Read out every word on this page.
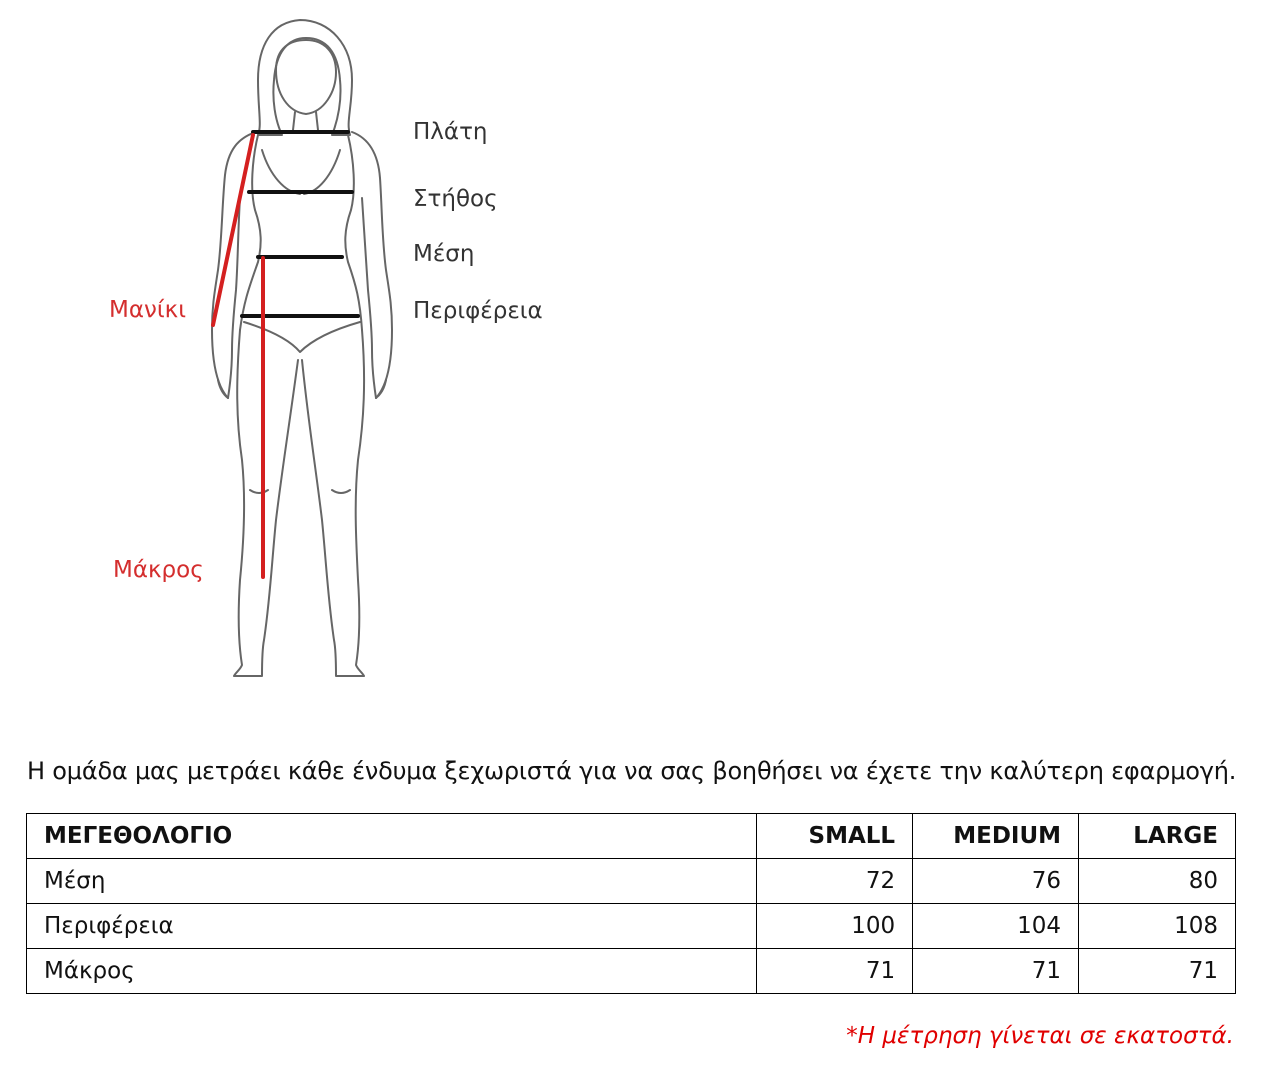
Πλάτη
Στήθος
Μέση
Περιφέρεια
Μανίκι
Μάκρος
Η ομάδα μας μετράει κάθε ένδυμα ξεχωριστά για να σας βοηθήσει να έχετε την καλύτερη εφαρμογή.
ΜΕΓΕΘΟΛΟΓΙΟ	SMALL	MEDIUM	LARGE
Μέση	72	76	80
Περιφέρεια	100	104	108
Μάκρος	71	71	71
*Η μέτρηση γίνεται σε εκατοστά.
